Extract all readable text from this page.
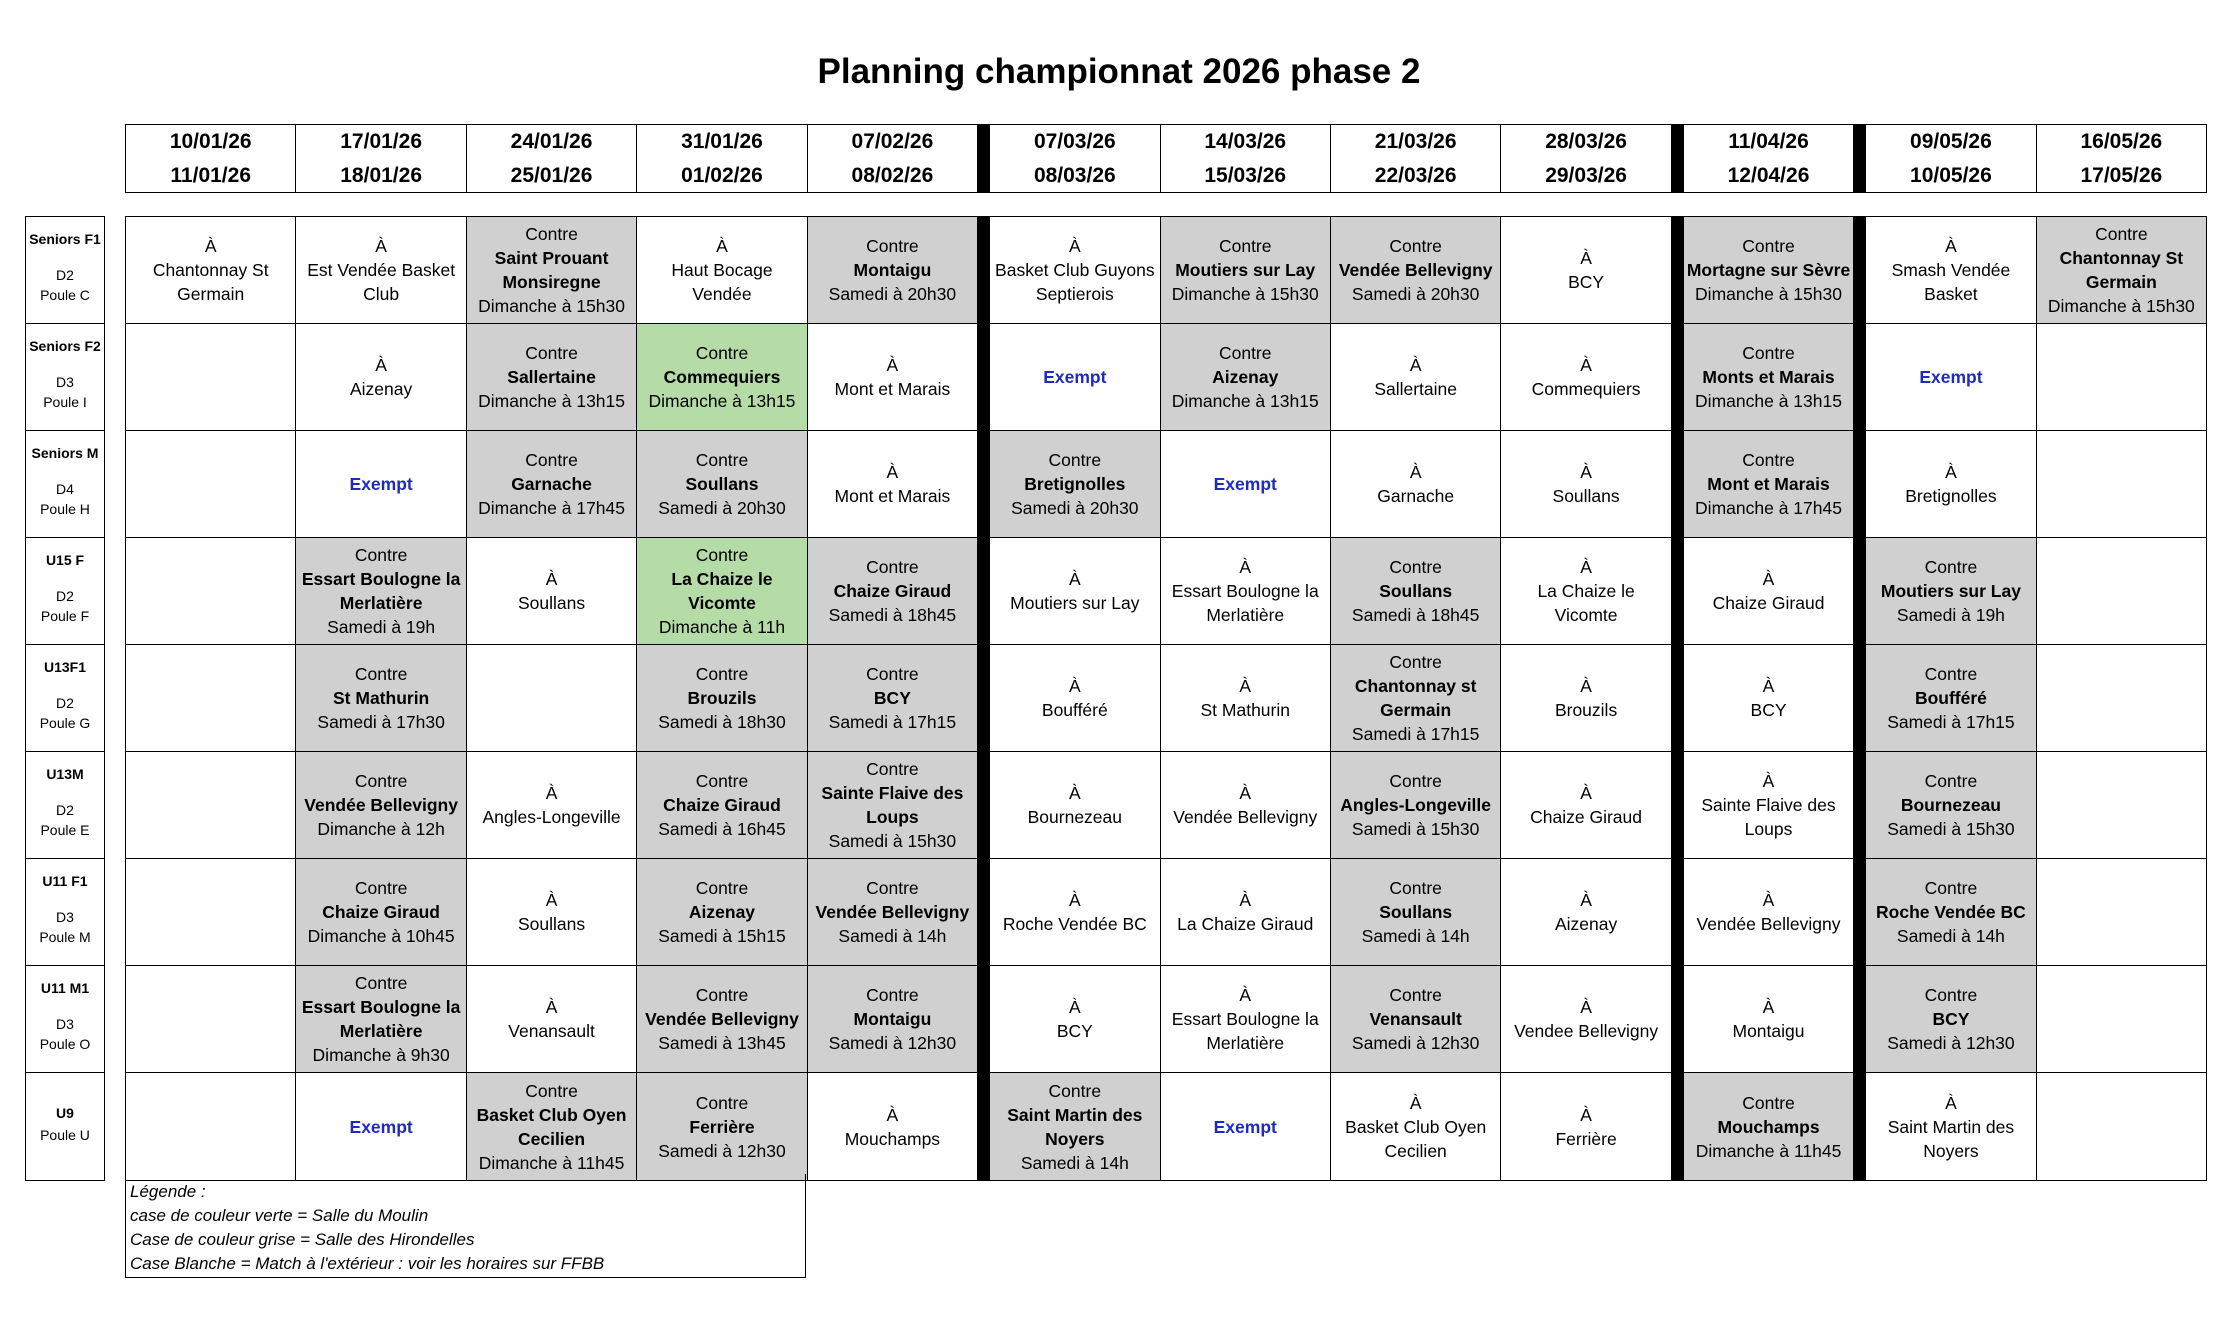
Planning championnat 2026 phase 2
10/01/26
11/01/26
17/01/26
18/01/26
24/01/26
25/01/26
31/01/26
01/02/26
07/02/26
08/02/26
07/03/26
08/03/26
14/03/26
15/03/26
21/03/26
22/03/26
28/03/26
29/03/26
11/04/26
12/04/26
09/05/26
10/05/26
16/05/26
17/05/26
Seniors F1
D2
Poule C
Seniors F2
D3
Poule I
Seniors M
D4
Poule H
U15 F
D2
Poule F
U13F1
D2
Poule G
U13M
D2
Poule E
U11 F1
D3
Poule M
U11 M1
D3
Poule O
U9
Poule U
À
Chantonnay St Germain
À
Est Vendée Basket Club
Contre
Saint Prouant Monsiregne
Dimanche à 15h30
À
Haut Bocage Vendée
Contre
Montaigu
Samedi à 20h30
À
Basket Club Guyons Septierois
Contre
Moutiers sur Lay
Dimanche à 15h30
Contre
Vendée Bellevigny
Samedi à 20h30
À
BCY
Contre
Mortagne sur Sèvre
Dimanche à 15h30
À
Smash Vendée Basket
Contre
Chantonnay St Germain
Dimanche à 15h30
À
Aizenay
Contre
Sallertaine
Dimanche à 13h15
Contre
Commequiers
Dimanche à 13h15
À
Mont et Marais
Exempt
Contre
Aizenay
Dimanche à 13h15
À
Sallertaine
À
Commequiers
Contre
Monts et Marais
Dimanche à 13h15
Exempt
Exempt
Contre
Garnache
Dimanche à 17h45
Contre
Soullans
Samedi à 20h30
À
Mont et Marais
Contre
Bretignolles
Samedi à 20h30
Exempt
À
Garnache
À
Soullans
Contre
Mont et Marais
Dimanche à 17h45
À
Bretignolles
Contre
Essart Boulogne la Merlatière
Samedi à 19h
À
Soullans
Contre
La Chaize le Vicomte
Dimanche à 11h
Contre
Chaize Giraud
Samedi à 18h45
À
Moutiers sur Lay
À
Essart Boulogne la Merlatière
Contre
Soullans
Samedi à 18h45
À
La Chaize le Vicomte
À
Chaize Giraud
Contre
Moutiers sur Lay
Samedi à 19h
Contre
St Mathurin
Samedi à 17h30
Contre
Brouzils
Samedi à 18h30
Contre
BCY
Samedi à 17h15
À
Boufféré
À
St Mathurin
Contre
Chantonnay st Germain
Samedi à 17h15
À
Brouzils
À
BCY
Contre
Boufféré
Samedi à 17h15
Contre
Vendée Bellevigny
Dimanche à 12h
À
Angles-Longeville
Contre
Chaize Giraud
Samedi à 16h45
Contre
Sainte Flaive des Loups
Samedi à 15h30
À
Bournezeau
À
Vendée Bellevigny
Contre
Angles-Longeville
Samedi à 15h30
À
Chaize Giraud
À
Sainte Flaive des Loups
Contre
Bournezeau
Samedi à 15h30
Contre
Chaize Giraud
Dimanche à 10h45
À
Soullans
Contre
Aizenay
Samedi à 15h15
Contre
Vendée Bellevigny
Samedi à 14h
À
Roche Vendée BC
À
La Chaize Giraud
Contre
Soullans
Samedi à 14h
À
Aizenay
À
Vendée Bellevigny
Contre
Roche Vendée BC
Samedi à 14h
Contre
Essart Boulogne la Merlatière
Dimanche à 9h30
À
Venansault
Contre
Vendée Bellevigny
Samedi à 13h45
Contre
Montaigu
Samedi à 12h30
À
BCY
À
Essart Boulogne la Merlatière
Contre
Venansault
Samedi à 12h30
À
Vendee Bellevigny
À
Montaigu
Contre
BCY
Samedi à 12h30
Exempt
Contre
Basket Club Oyen Cecilien
Dimanche à 11h45
Contre
Ferrière
Samedi à 12h30
À
Mouchamps
Contre
Saint Martin des Noyers
Samedi à 14h
Exempt
À
Basket Club Oyen Cecilien
À
Ferrière
Contre
Mouchamps
Dimanche à 11h45
À
Saint Martin des Noyers
Légende :
case de couleur verte = Salle du Moulin
Case de couleur grise = Salle des Hirondelles
Case Blanche = Match à l'extérieur : voir les horaires sur FFBB
